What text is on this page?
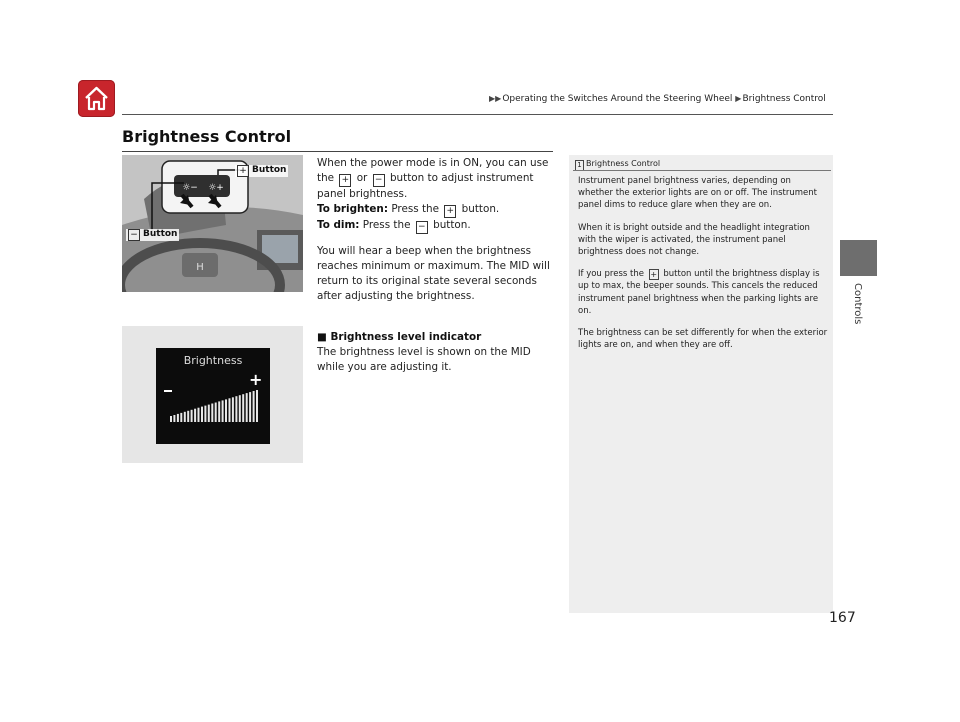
▶▶Operating the Switches Around the Steering Wheel ▶Brightness Control
Brightness Control
Controls
H
☼− ☼+
+ Button
− Button
Brightness
+

When the power mode is in ON, you can use the + or − button to adjust instrument panel brightness.

To brighten: Press the + button.

To dim: Press the − button.

You will hear a beep when the brightness reaches minimum or maximum. The MID will return to its original state several seconds after adjusting the brightness.

■ Brightness level indicator

The brightness level is shown on the MID while you are adjusting it.

1 Brightness Control

Instrument panel brightness varies, depending on whether the exterior lights are on or off. The instrument panel dims to reduce glare when they are on.

When it is bright outside and the headlight integration with the wiper is activated, the instrument panel brightness does not change.

If you press the + button until the brightness display is up to max, the beeper sounds. This cancels the reduced instrument panel brightness when the parking lights are on.

The brightness can be set differently for when the exterior lights are on, and when they are off.

167
